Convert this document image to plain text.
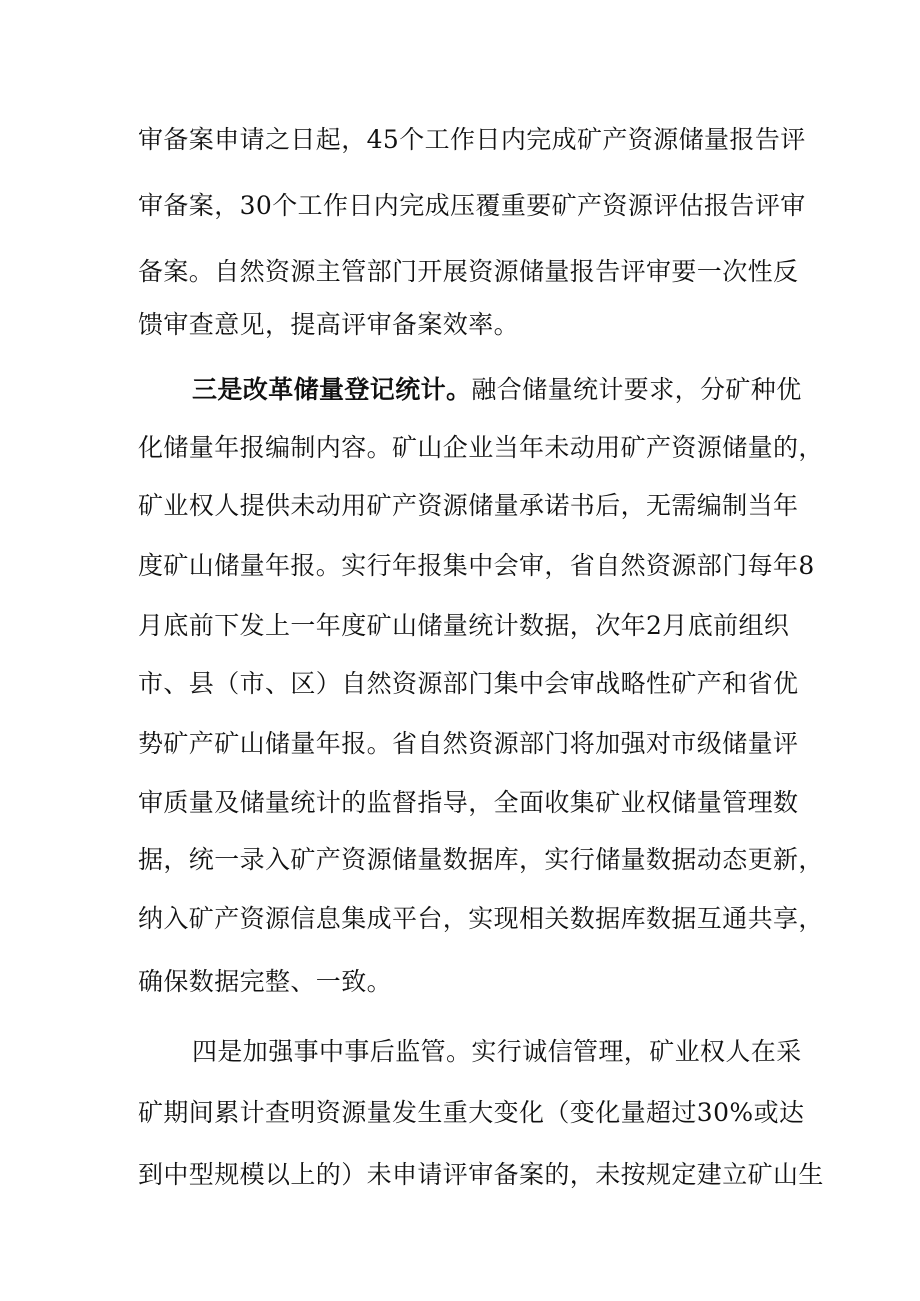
审备案申请之日起，45个工作日内完成矿产资源储量报告评
审备案，30个工作日内完成压覆重要矿产资源评估报告评审
备案。自然资源主管部门开展资源储量报告评审要一次性反
馈审查意见，提高评审备案效率。
三是改革储量登记统计。融合储量统计要求，分矿种优
化储量年报编制内容。矿山企业当年未动用矿产资源储量的，
矿业权人提供未动用矿产资源储量承诺书后，无需编制当年
度矿山储量年报。实行年报集中会审，省自然资源部门每年8
月底前下发上一年度矿山储量统计数据，次年2月底前组织
市、县（市、区）自然资源部门集中会审战略性矿产和省优
势矿产矿山储量年报。省自然资源部门将加强对市级储量评
审质量及储量统计的监督指导，全面收集矿业权储量管理数
据，统一录入矿产资源储量数据库，实行储量数据动态更新，
纳入矿产资源信息集成平台，实现相关数据库数据互通共享，
确保数据完整、一致。
四是加强事中事后监管。实行诚信管理，矿业权人在采
矿期间累计查明资源量发生重大变化（变化量超过30%或达
到中型规模以上的）未申请评审备案的，未按规定建立矿山生
